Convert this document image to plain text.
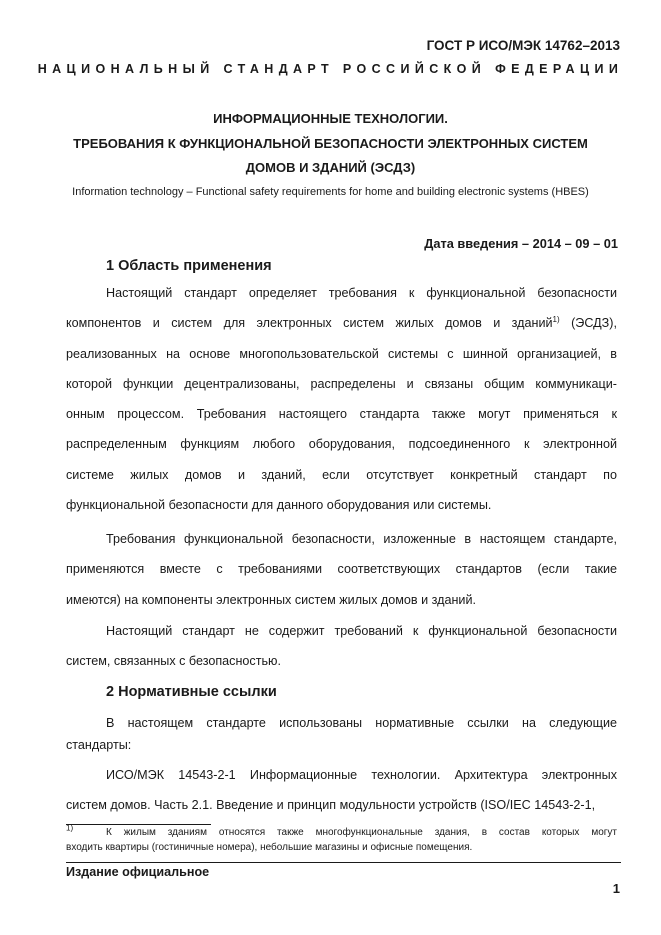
ГОСТ Р ИСО/МЭК 14762–2013
НАЦИОНАЛЬНЫЙ СТАНДАРТ РОССИЙСКОЙ ФЕДЕРАЦИИ
ИНФОРМАЦИОННЫЕ ТЕХНОЛОГИИ.
ТРЕБОВАНИЯ К ФУНКЦИОНАЛЬНОЙ БЕЗОПАСНОСТИ ЭЛЕКТРОННЫХ СИСТЕМ
ДОМОВ И ЗДАНИЙ (ЭСДЗ)
Information technology – Functional safety requirements for home and building electronic systems (HBES)
Дата введения – 2014 – 09 – 01
1 Область применения
Настоящий стандарт определяет требования к функциональной безопасности
компонентов и систем для электронных систем жилых домов и зданий$^{1)}$ (ЭСДЗ),
реализованных на основе многопользовательской системы с шинной организацией, в
которой функции децентрализованы, распределены и связаны общим коммуникаци-
онным процессом. Требования настоящего стандарта также могут применяться к
распределенным функциям любого оборудования, подсоединенного к электронной
системе жилых домов и зданий, если отсутствует конкретный стандарт по
функциональной безопасности для данного оборудования или системы.
Требования функциональной безопасности, изложенные в настоящем стандарте,
применяются вместе с требованиями соответствующих стандартов (если такие
имеются) на компоненты электронных систем жилых домов и зданий.
Настоящий стандарт не содержит требований к функциональной безопасности
систем, связанных с безопасностью.
2 Нормативные ссылки
В настоящем стандарте использованы нормативные ссылки на следующие
стандарты:
ИСО/МЭК 14543-2-1 Информационные технологии. Архитектура электронных
систем домов. Часть 2.1. Введение и принцип модульности устройств (ISO/IEC 14543-2-1,
$^{1)}$	К жилым зданиям относятся также многофункциональные здания, в состав которых могут
входить квартиры (гостиничные номера), небольшие магазины и офисные помещения.
Издание официальное
1
